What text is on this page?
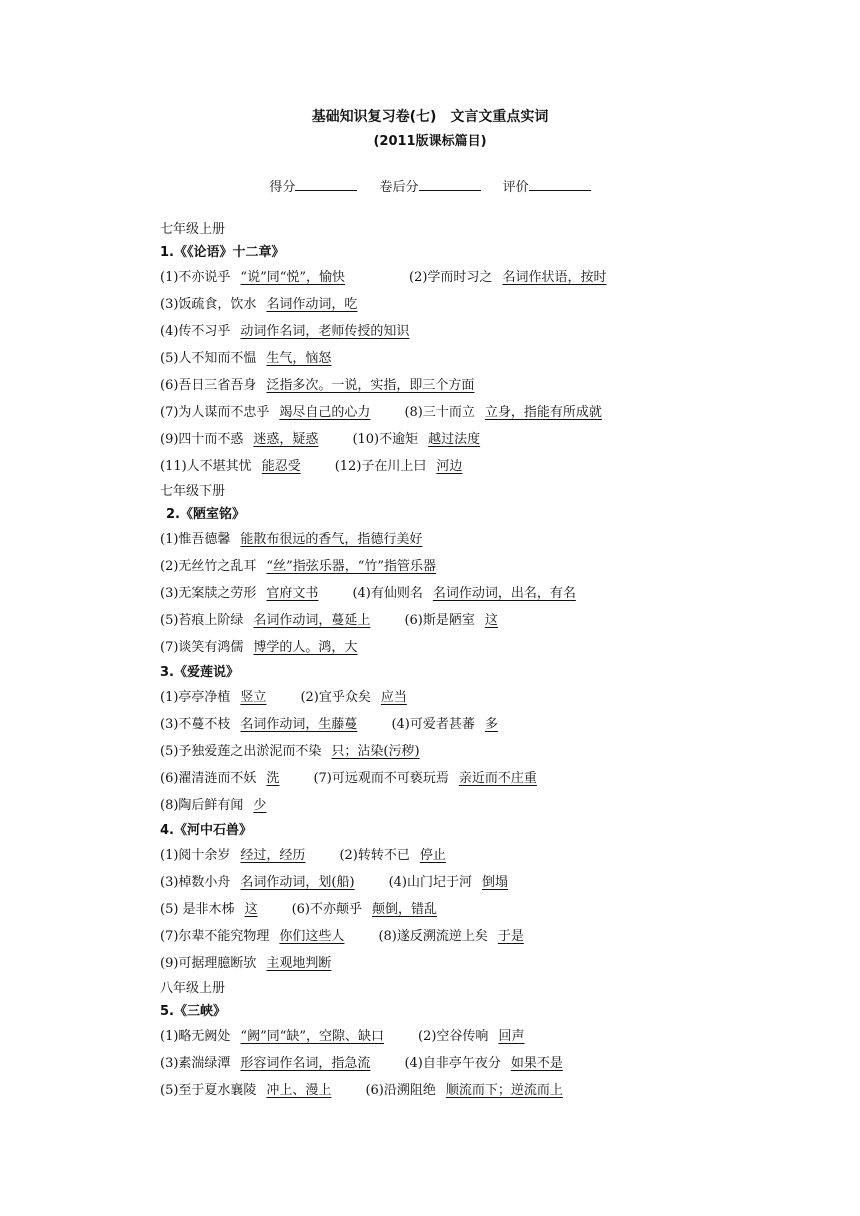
基础知识复习卷(七)　文言文重点实词
(2011版课标篇目)
得分	卷后分	评价
七年级上册
1.《《论语》十二章》
(1)不亦说乎 “说”同“悦”，愉快	(2)学而时习之 名词作状语，按时
(3)饭疏食，饮水 名词作动词，吃
(4)传不习乎 动词作名词，老师传授的知识
(5)人不知而不愠 生气，恼怒
(6)吾日三省吾身 泛指多次。一说，实指，即三个方面
(7)为人谋而不忠乎 竭尽自己的心力	(8)三十而立 立身，指能有所成就
(9)四十而不惑 迷惑，疑惑	(10)不逾矩 越过法度
(11)人不堪其忧 能忍受	(12)子在川上曰 河边
七年级下册
2.《陋室铭》
(1)惟吾德馨 能散布很远的香气，指德行美好
(2)无丝竹之乱耳 “丝”指弦乐器，“竹”指管乐器
(3)无案牍之劳形 官府文书	(4)有仙则名 名词作动词，出名，有名
(5)苔痕上阶绿 名词作动词，蔓延上	(6)斯是陋室 这
(7)谈笑有鸿儒 博学的人。鸿，大
3.《爱莲说》
(1)亭亭净植 竖立	(2)宜乎众矣 应当
(3)不蔓不枝 名词作动词，生藤蔓	(4)可爱者甚蕃 多
(5)予独爱莲之出淤泥而不染 只；沾染(污秽)
(6)濯清涟而不妖 洗	(7)可远观而不可亵玩焉 亲近而不庄重
(8)陶后鲜有闻 少
4.《河中石兽》
(1)阅十余岁 经过，经历	(2)转转不已 停止
(3)棹数小舟 名词作动词，划(船)	(4)山门圮于河 倒塌
(5) 是非木柹 这	(6)不亦颠乎 颠倒，错乱
(7)尔辈不能究物理 你们这些人	(8)遂反溯流逆上矣 于是
(9)可据理臆断欤 主观地判断
八年级上册
5.《三峡》
(1)略无阙处 “阙”同“缺”，空隙、缺口	(2)空谷传响 回声
(3)素湍绿潭 形容词作名词，指急流	(4)自非亭午夜分 如果不是
(5)至于夏水襄陵 冲上、漫上	(6)沿溯阻绝 顺流而下；逆流而上
